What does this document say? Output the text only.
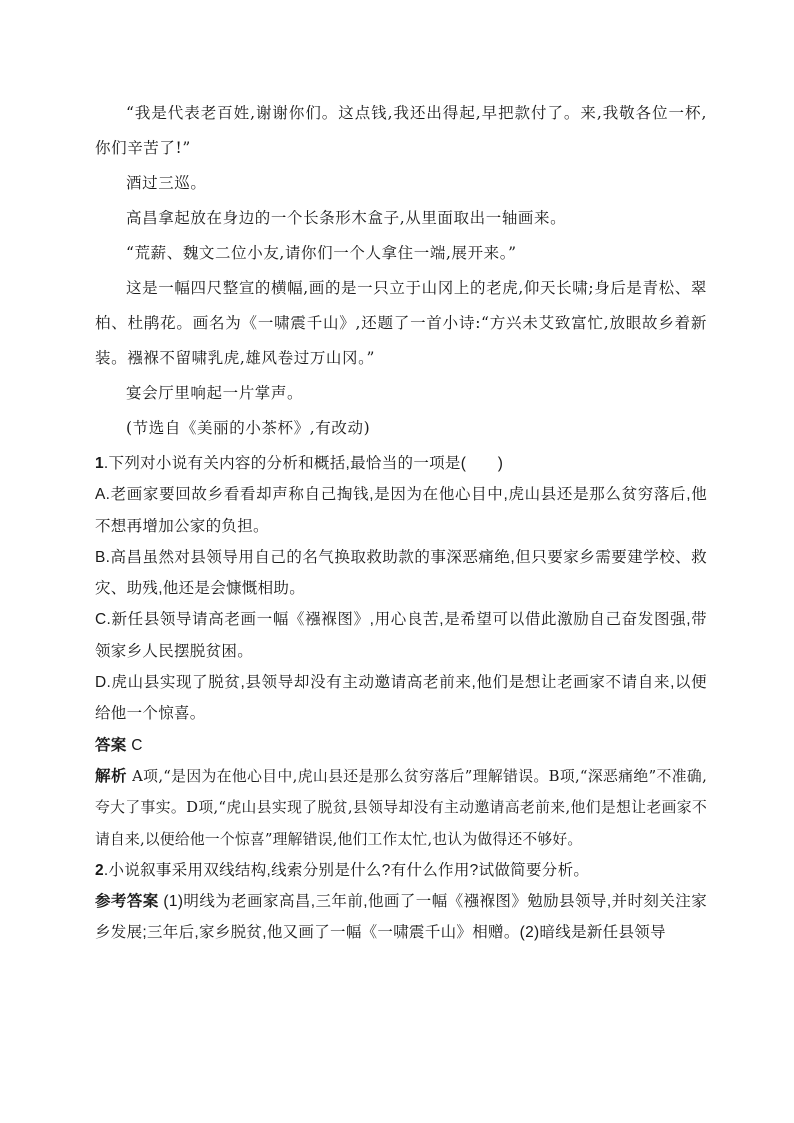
“我是代表老百姓,谢谢你们。这点钱,我还出得起,早把款付了。来,我敬各位一杯,你们辛苦了!”

酒过三巡。

高昌拿起放在身边的一个长条形木盒子,从里面取出一轴画来。

“荒薪、魏文二位小友,请你们一个人拿住一端,展开来。”

这是一幅四尺整宣的横幅,画的是一只立于山冈上的老虎,仰天长啸;身后是青松、翠柏、杜鹃花。画名为《一啸震千山》,还题了一首小诗:“方兴未艾致富忙,放眼故乡着新装。襁褓不留啸乳虎,雄风卷过万山冈。”

宴会厅里响起一片掌声。

(节选自《美丽的小茶杯》,有改动)

1.下列对小说有关内容的分析和概括,最恰当的一项是(　　)

A.老画家要回故乡看看却声称自己掏钱,是因为在他心目中,虎山县还是那么贫穷落后,他不想再增加公家的负担。

B.高昌虽然对县领导用自己的名气换取救助款的事深恶痛绝,但只要家乡需要建学校、救灾、助残,他还是会慷慨相助。

C.新任县领导请高老画一幅《襁褓图》,用心良苦,是希望可以借此激励自己奋发图强,带领家乡人民摆脱贫困。

D.虎山县实现了脱贫,县领导却没有主动邀请高老前来,他们是想让老画家不请自来,以便给他一个惊喜。

答案 C

解析 A项,“是因为在他心目中,虎山县还是那么贫穷落后”理解错误。B项,“深恶痛绝”不准确,夸大了事实。D项,“虎山县实现了脱贫,县领导却没有主动邀请高老前来,他们是想让老画家不请自来,以便给他一个惊喜”理解错误,他们工作太忙,也认为做得还不够好。

2.小说叙事采用双线结构,线索分别是什么?有什么作用?试做简要分析。

参考答案 (1)明线为老画家高昌,三年前,他画了一幅《襁褓图》勉励县领导,并时刻关注家乡发展;三年后,家乡脱贫,他又画了一幅《一啸震千山》相赠。(2)暗线是新任县领导
